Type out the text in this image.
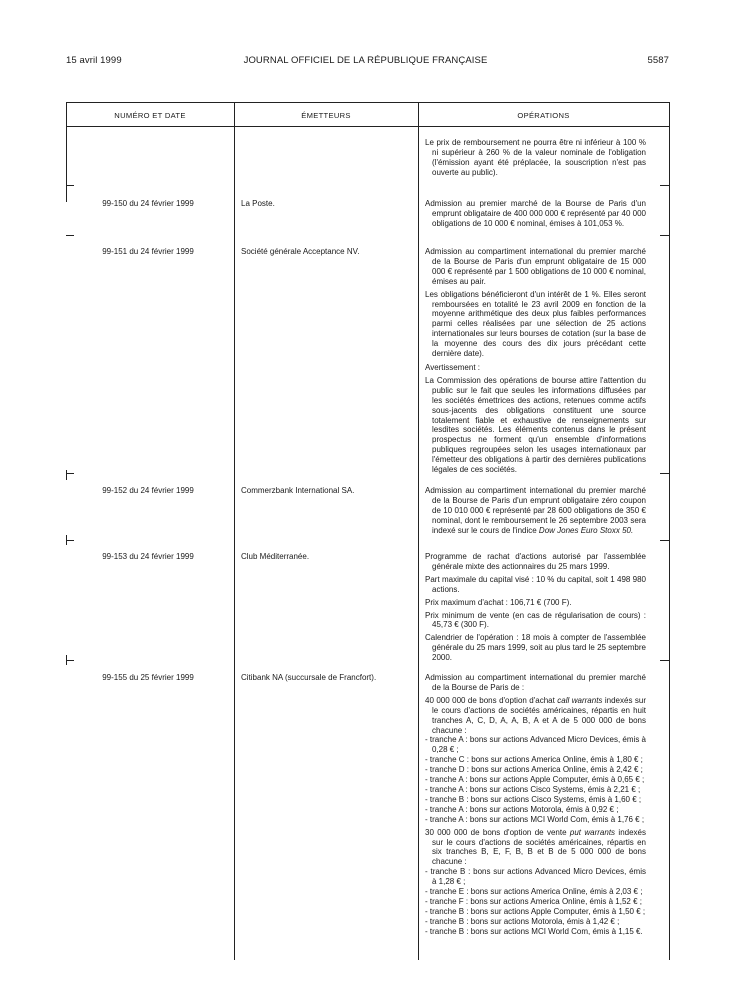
15 avril 1999	JOURNAL OFFICIEL DE LA RÉPUBLIQUE FRANÇAISE	5587
NUMÉRO ET DATE	ÉMETTEURS	OPÉRATIONS

Le prix de remboursement ne pourra être ni inférieur à 100 % ni supérieur à 260 % de la valeur nominale de l'obligation (l'émission ayant été préplacée, la souscription n'est pas ouverte au public).

99-150 du 24 février 1999	La Poste.	Admission au premier marché de la Bourse de Paris d'un emprunt obligataire de 400 000 000 € représenté par 40 000 obligations de 10 000 € nominal, émises à 101,053 %.

99-151 du 24 février 1999	Société générale Acceptance NV.	Admission au compartiment international du premier marché de la Bourse de Paris d'un emprunt obligataire de 15 000 000 € représenté par 1 500 obligations de 10 000 € nominal, émises au pair.

Les obligations bénéficieront d'un intérêt de 1 %. Elles seront remboursées en totalité le 23 avril 2009 en fonction de la moyenne arithmétique des deux plus faibles performances parmi celles réalisées par une sélection de 25 actions internationales sur leurs bourses de cotation (sur la base de la moyenne des cours des dix jours précédant cette dernière date).

Avertissement :

La Commission des opérations de bourse attire l'attention du public sur le fait que seules les informations diffusées par les sociétés émettrices des actions, retenues comme actifs sous-jacents des obligations constituent une source totalement fiable et exhaustive de renseignements sur lesdites sociétés. Les éléments contenus dans le présent prospectus ne forment qu'un ensemble d'informations publiques regroupées selon les usages internationaux par l'émetteur des obligations à partir des dernières publications légales de ces sociétés.

99-152 du 24 février 1999	Commerzbank International SA.	Admission au compartiment international du premier marché de la Bourse de Paris d'un emprunt obligataire zéro coupon de 10 010 000 € représenté par 28 600 obligations de 350 € nominal, dont le remboursement le 26 septembre 2003 sera indexé sur le cours de l'indice Dow Jones Euro Stoxx 50.

99-153 du 24 février 1999	Club Méditerranée.	Programme de rachat d'actions autorisé par l'assemblée générale mixte des actionnaires du 25 mars 1999.

Part maximale du capital visé : 10 % du capital, soit 1 498 980 actions.

Prix maximum d'achat : 106,71 € (700 F).

Prix minimum de vente (en cas de régularisation de cours) : 45,73 € (300 F).

Calendrier de l'opération : 18 mois à compter de l'assemblée générale du 25 mars 1999, soit au plus tard le 25 septembre 2000.

99-155 du 25 février 1999	Citibank NA (succursale de Francfort).	Admission au compartiment international du premier marché de la Bourse de Paris de :

40 000 000 de bons d'option d'achat call warrants indexés sur le cours d'actions de sociétés américaines, répartis en huit tranches A, C, D, A, A, B, A et A de 5 000 000 de bons chacune :

- tranche A : bons sur actions Advanced Micro Devices, émis à 0,28 € ;
- tranche C : bons sur actions America Online, émis à 1,80 € ;
- tranche D : bons sur actions America Online, émis à 2,42 € ;
- tranche A : bons sur actions Apple Computer, émis à 0,65 € ;
- tranche A : bons sur actions Cisco Systems, émis à 2,21 € ;
- tranche B : bons sur actions Cisco Systems, émis à 1,60 € ;
- tranche A : bons sur actions Motorola, émis à 0,92 € ;
- tranche A : bons sur actions MCI World Com, émis à 1,76 € ;

30 000 000 de bons d'option de vente put warrants indexés sur le cours d'actions de sociétés américaines, répartis en six tranches B, E, F, B, B et B de 5 000 000 de bons chacune :

- tranche B : bons sur actions Advanced Micro Devices, émis à 1,28 € ;
- tranche E : bons sur actions America Online, émis à 2,03 € ;
- tranche F : bons sur actions America Online, émis à 1,52 € ;
- tranche B : bons sur actions Apple Computer, émis à 1,50 € ;
- tranche B : bons sur actions Motorola, émis à 1,42 € ;
- tranche B : bons sur actions MCI World Com, émis à 1,15 €.
